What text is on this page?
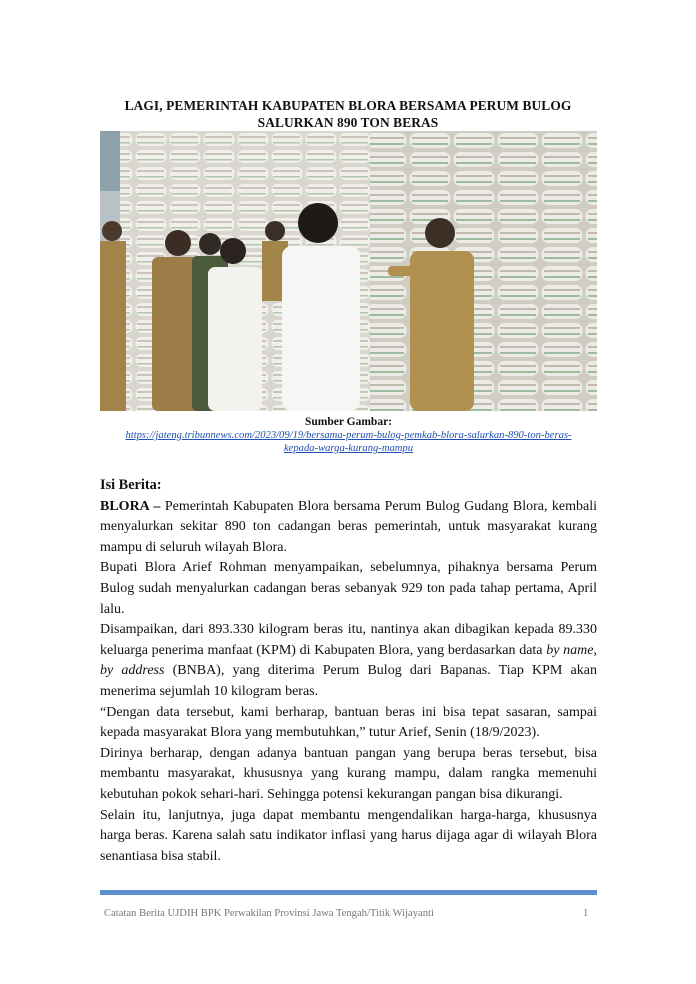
LAGI, PEMERINTAH KABUPATEN BLORA BERSAMA PERUM BULOG
SALURKAN 890 TON BERAS
Sumber Gambar:
https://jateng.tribunnews.com/2023/09/19/bersama-perum-bulog-pemkab-blora-salurkan-890-ton-beras-
kepada-warga-kurang-mampu

Isi Berita:

BLORA – Pemerintah Kabupaten Blora bersama Perum Bulog Gudang Blora, kembali menyalurkan sekitar 890 ton cadangan beras pemerintah, untuk masyarakat kurang mampu di seluruh wilayah Blora.

Bupati Blora Arief Rohman menyampaikan, sebelumnya, pihaknya bersama Perum Bulog sudah menyalurkan cadangan beras sebanyak 929 ton pada tahap pertama, April lalu.

Disampaikan, dari 893.330 kilogram beras itu, nantinya akan dibagikan kepada 89.330 keluarga penerima manfaat (KPM) di Kabupaten Blora, yang berdasarkan data by name, by address (BNBA), yang diterima Perum Bulog dari Bapanas. Tiap KPM akan menerima sejumlah 10 kilogram beras.

“Dengan data tersebut, kami berharap, bantuan beras ini bisa tepat sasaran, sampai kepada masyarakat Blora yang membutuhkan,” tutur Arief, Senin (18/9/2023).

Dirinya berharap, dengan adanya bantuan pangan yang berupa beras tersebut, bisa membantu masyarakat, khususnya yang kurang mampu, dalam rangka memenuhi kebutuhan pokok sehari-hari. Sehingga potensi kekurangan pangan bisa dikurangi.

Selain itu, lanjutnya, juga dapat membantu mengendalikan harga-harga, khususnya harga beras. Karena salah satu indikator inflasi yang harus dijaga agar di wilayah Blora senantiasa bisa stabil.

Catatan Berita UJDIH BPK Perwakilan Provinsi Jawa Tengah/Titik Wijayanti	1
